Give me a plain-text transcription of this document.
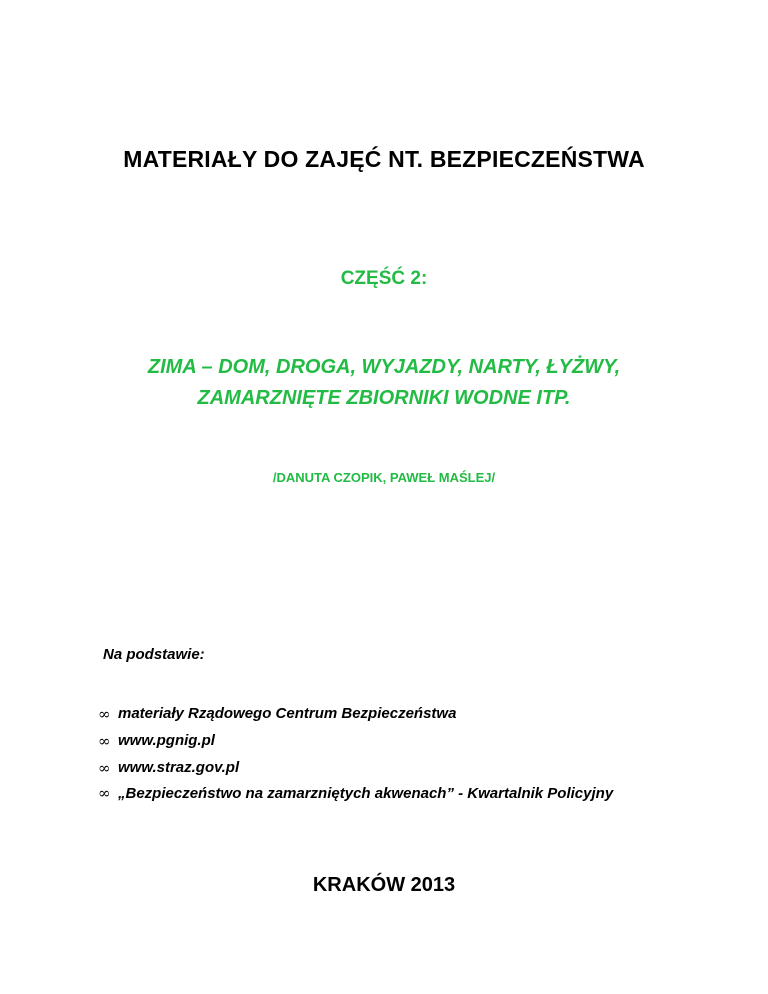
MATERIAŁY DO ZAJĘĆ NT. BEZPIECZEŃSTWA
CZĘŚĆ 2:
ZIMA – DOM, DROGA, WYJAZDY, NARTY, ŁYŻWY,
ZAMARZNIĘTE ZBIORNIKI WODNE ITP.
/DANUTA CZOPIK, PAWEŁ MAŚLEJ/
Na podstawie:
∞ materiały Rządowego Centrum Bezpieczeństwa
∞ www.pgnig.pl
∞ www.straz.gov.pl
∞ „Bezpieczeństwo na zamarzniętych akwenach” - Kwartalnik Policyjny
KRAKÓW 2013
